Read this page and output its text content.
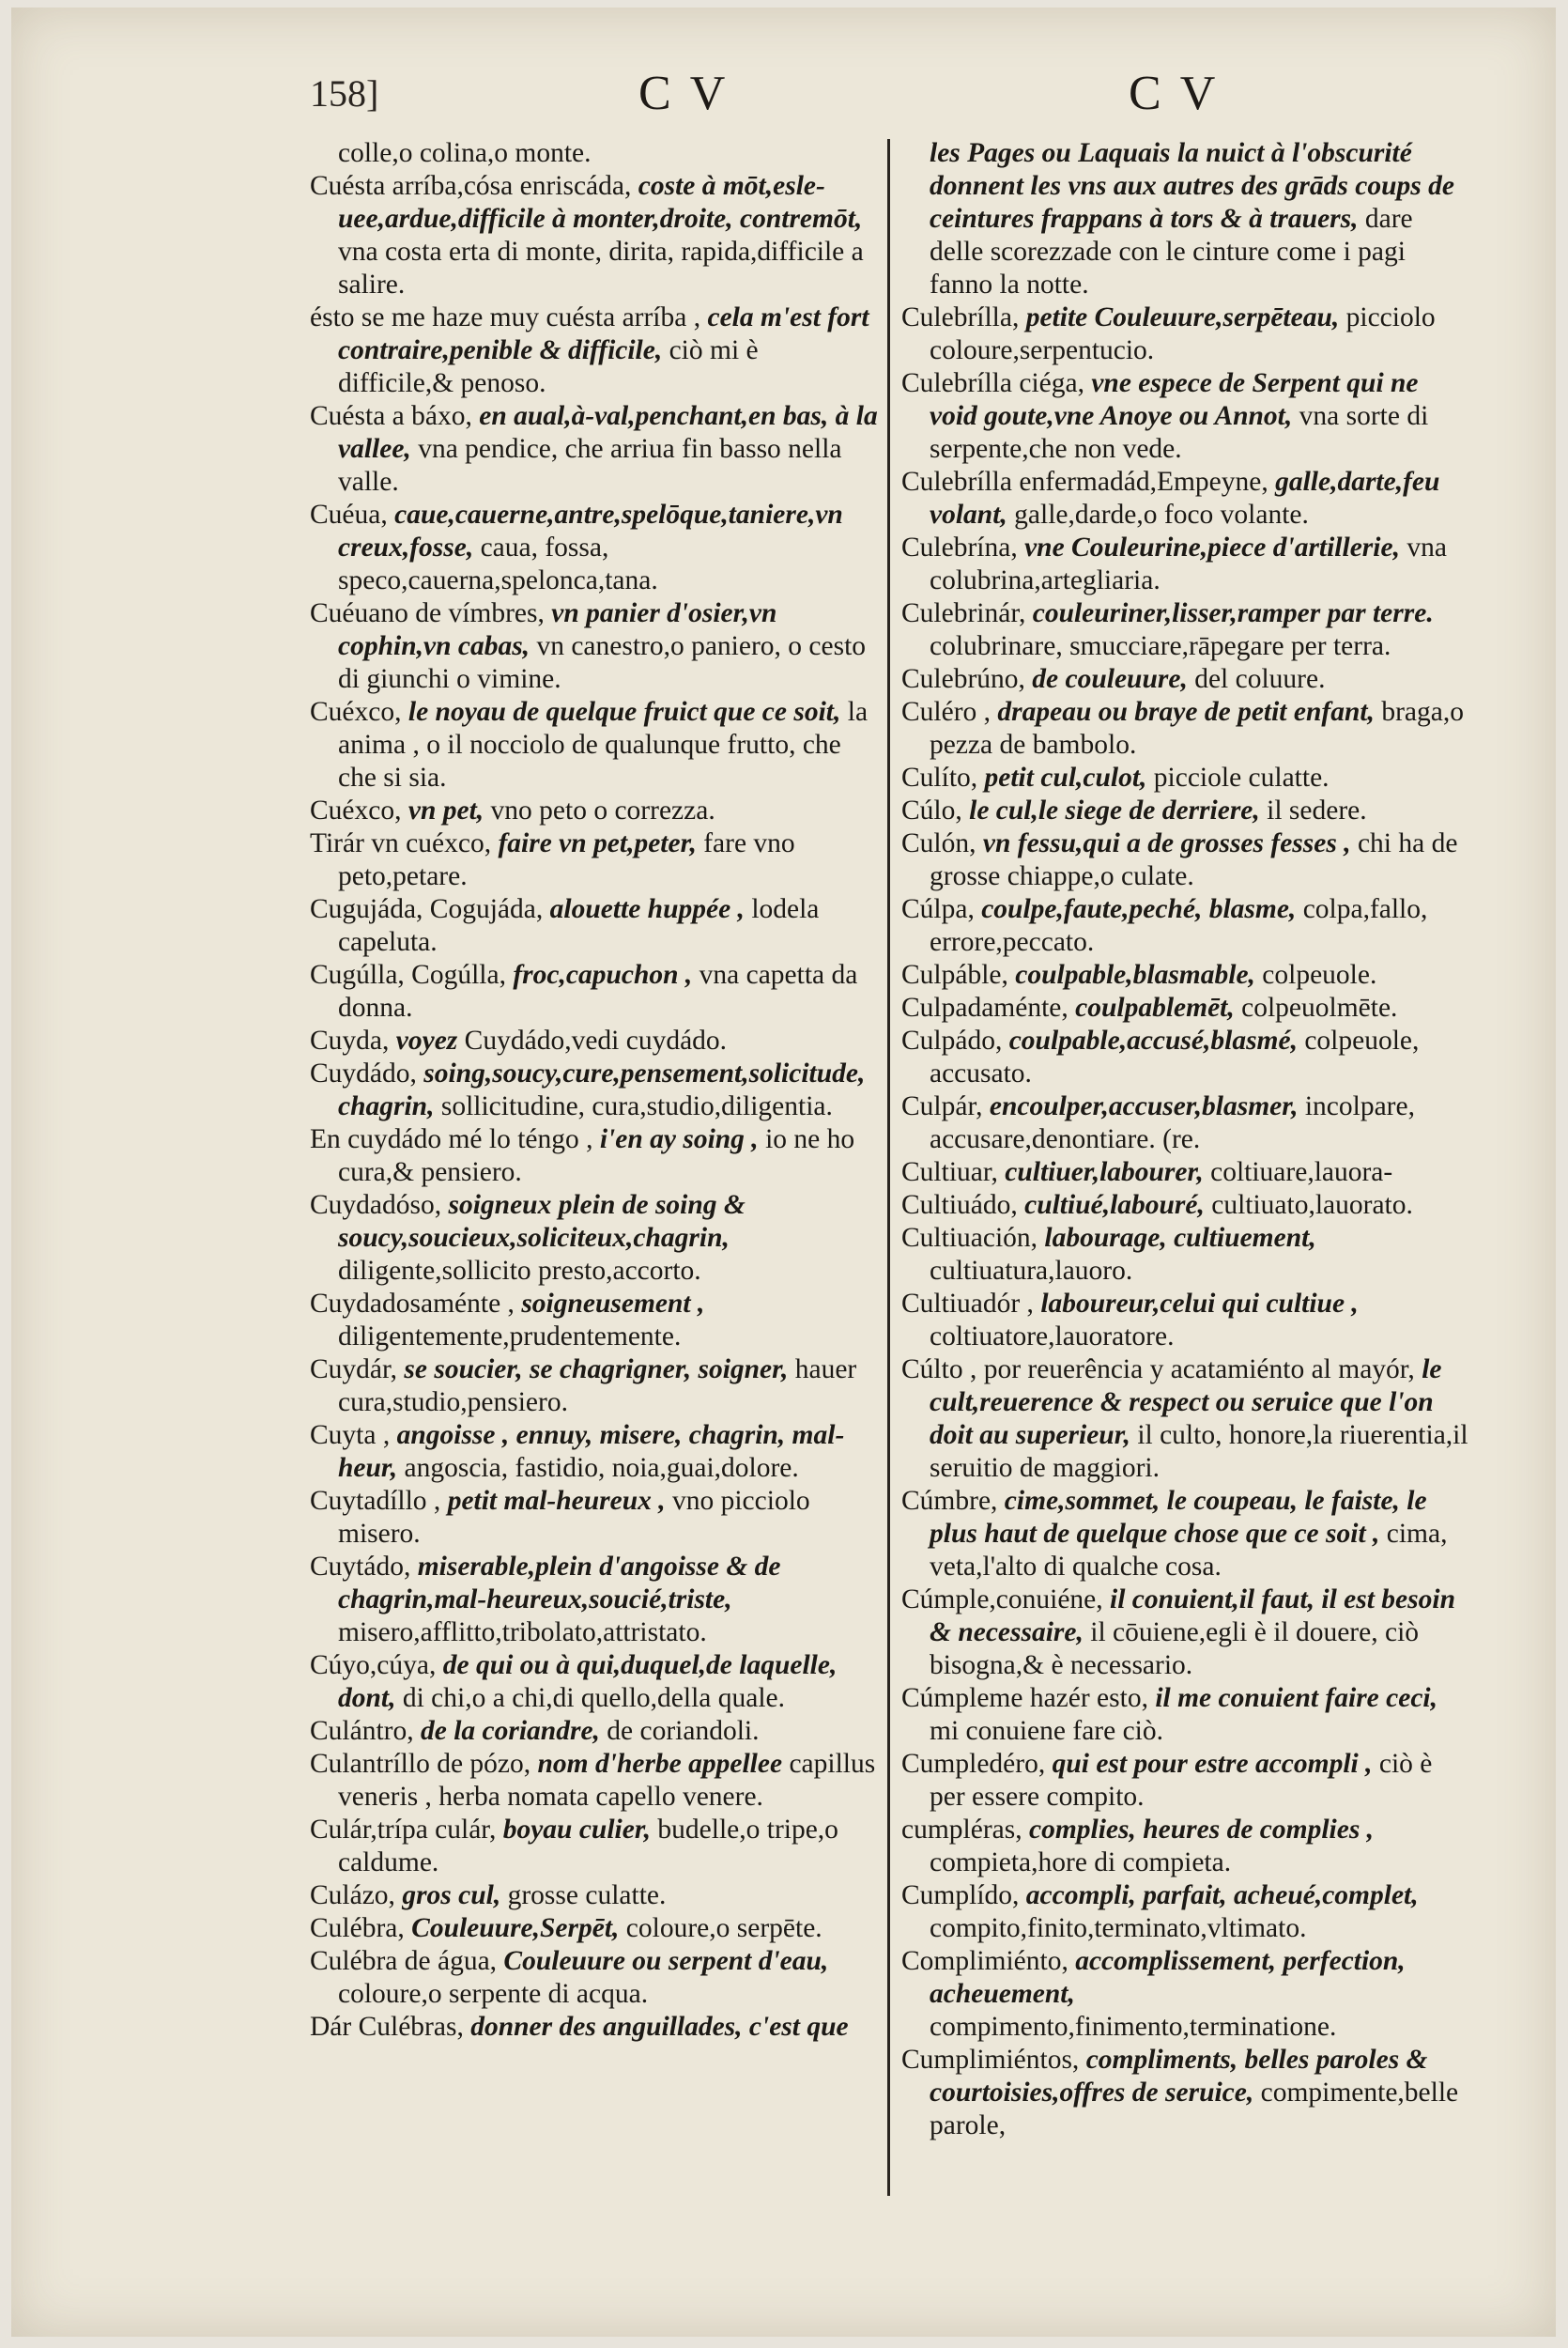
158]	C V	C V

colle,o colina,o monte.

Cuésta arríba,cósa enriscáda, coste à mōt,esle-uee,ardue,difficile à monter,droite, contremōt, vna costa erta di monte, dirita, rapida,difficile a salire.

ésto se me haze muy cuésta arríba , cela m'est fort contraire,penible & difficile, ciò mi è difficile,& penoso.

Cuésta a báxo, en aual,à-val,penchant,en bas, à la vallee, vna pendice, che arriua fin basso nella valle.

Cuéua, caue,cauerne,antre,spelōque,taniere,vn creux,fosse, caua, fossa, speco,cauerna,spelonca,tana.

Cuéuano de vímbres, vn panier d'osier,vn cophin,vn cabas, vn canestro,o paniero, o cesto di giunchi o vimine.

Cuéxco, le noyau de quelque fruict que ce soit, la anima , o il nocciolo de qualunque frutto, che che si sia.

Cuéxco, vn pet, vno peto o correzza.

Tirár vn cuéxco, faire vn pet,peter, fare vno peto,petare.

Cugujáda, Cogujáda, alouette huppée , lodela capeluta.

Cugúlla, Cogúlla, froc,capuchon , vna capetta da donna.

Cuyda, voyez Cuydádo,vedi cuydádo.

Cuydádo, soing,soucy,cure,pensement,solicitude, chagrin, sollicitudine, cura,studio,diligentia.

En cuydádo mé lo téngo , i'en ay soing , io ne ho cura,& pensiero.

Cuydadóso, soigneux plein de soing & soucy,soucieux,soliciteux,chagrin, diligente,sollicito presto,accorto.

Cuydadosaménte , soigneusement , diligentemente,prudentemente.

Cuydár, se soucier, se chagrigner, soigner, hauer cura,studio,pensiero.

Cuyta , angoisse , ennuy, misere, chagrin, mal-heur, angoscia, fastidio, noia,guai,dolore.

Cuytadíllo , petit mal-heureux , vno picciolo misero.

Cuytádo, miserable,plein d'angoisse & de chagrin,mal-heureux,soucié,triste, misero,afflitto,tribolato,attristato.

Cúyo,cúya, de qui ou à qui,duquel,de laquelle, dont, di chi,o a chi,di quello,della quale.

Culántro, de la coriandre, de coriandoli.

Culantríllo de pózo, nom d'herbe appellee capillus veneris , herba nomata capello venere.

Culár,trípa culár, boyau culier, budelle,o tripe,o caldume.

Culázo, gros cul, grosse culatte.

Culébra, Couleuure,Serpēt, coloure,o serpēte.

Culébra de água, Couleuure ou serpent d'eau, coloure,o serpente di acqua.

Dár Culébras, donner des anguillades, c'est que

les Pages ou Laquais la nuict à l'obscurité donnent les vns aux autres des grāds coups de ceintures frappans à tors & à trauers, dare delle scorezzade con le cinture come i pagi fanno la notte.

Culebrílla, petite Couleuure,serpēteau, picciolo coloure,serpentucio.

Culebrílla ciéga, vne espece de Serpent qui ne void goute,vne Anoye ou Annot, vna sorte di serpente,che non vede.

Culebrílla enfermadád,Empeyne, galle,darte,feu volant, galle,darde,o foco volante.

Culebrína, vne Couleurine,piece d'artillerie, vna colubrina,artegliaria.

Culebrinár, couleuriner,lisser,ramper par terre. colubrinare, smucciare,rāpegare per terra.

Culebrúno, de couleuure, del coluure.

Culéro , drapeau ou braye de petit enfant, braga,o pezza de bambolo.

Culíto, petit cul,culot, picciole culatte.

Cúlo, le cul,le siege de derriere, il sedere.

Culón, vn fessu,qui a de grosses fesses , chi ha de grosse chiappe,o culate.

Cúlpa, coulpe,faute,peché, blasme, colpa,fallo, errore,peccato.

Culpáble, coulpable,blasmable, colpeuole.

Culpadaménte, coulpablemēt, colpeuolmēte.

Culpádo, coulpable,accusé,blasmé, colpeuole, accusato.

Culpár, encoulper,accuser,blasmer, incolpare, accusare,denontiare. (re.

Cultiuar, cultiuer,labourer, coltiuare,lauora-

Cultiuádo, cultiué,labouré, cultiuato,lauorato.

Cultiuación, labourage, cultiuement, cultiuatura,lauoro.

Cultiuadór , laboureur,celui qui cultiue , coltiuatore,lauoratore.

Cúlto , por reuerência y acatamiénto al mayór, le cult,reuerence & respect ou seruice que l'on doit au superieur, il culto, honore,la riuerentia,il seruitio de maggiori.

Cúmbre, cime,sommet, le coupeau, le faiste, le plus haut de quelque chose que ce soit , cima, veta,l'alto di qualche cosa.

Cúmple,conuiéne, il conuient,il faut, il est besoin & necessaire, il cōuiene,egli è il douere, ciò bisogna,& è necessario.

Cúmpleme hazér esto, il me conuient faire ceci, mi conuiene fare ciò.

Cumpledéro, qui est pour estre accompli , ciò è per essere compito.

cumpléras, complies, heures de complies , compieta,hore di compieta.

Cumplído, accompli, parfait, acheué,complet, compito,finito,terminato,vltimato.

Complimiénto, accomplissement, perfection, acheuement, compimento,finimento,terminatione.

Cumplimiéntos, compliments, belles paroles & courtoisies,offres de seruice, compimente,belle parole,
